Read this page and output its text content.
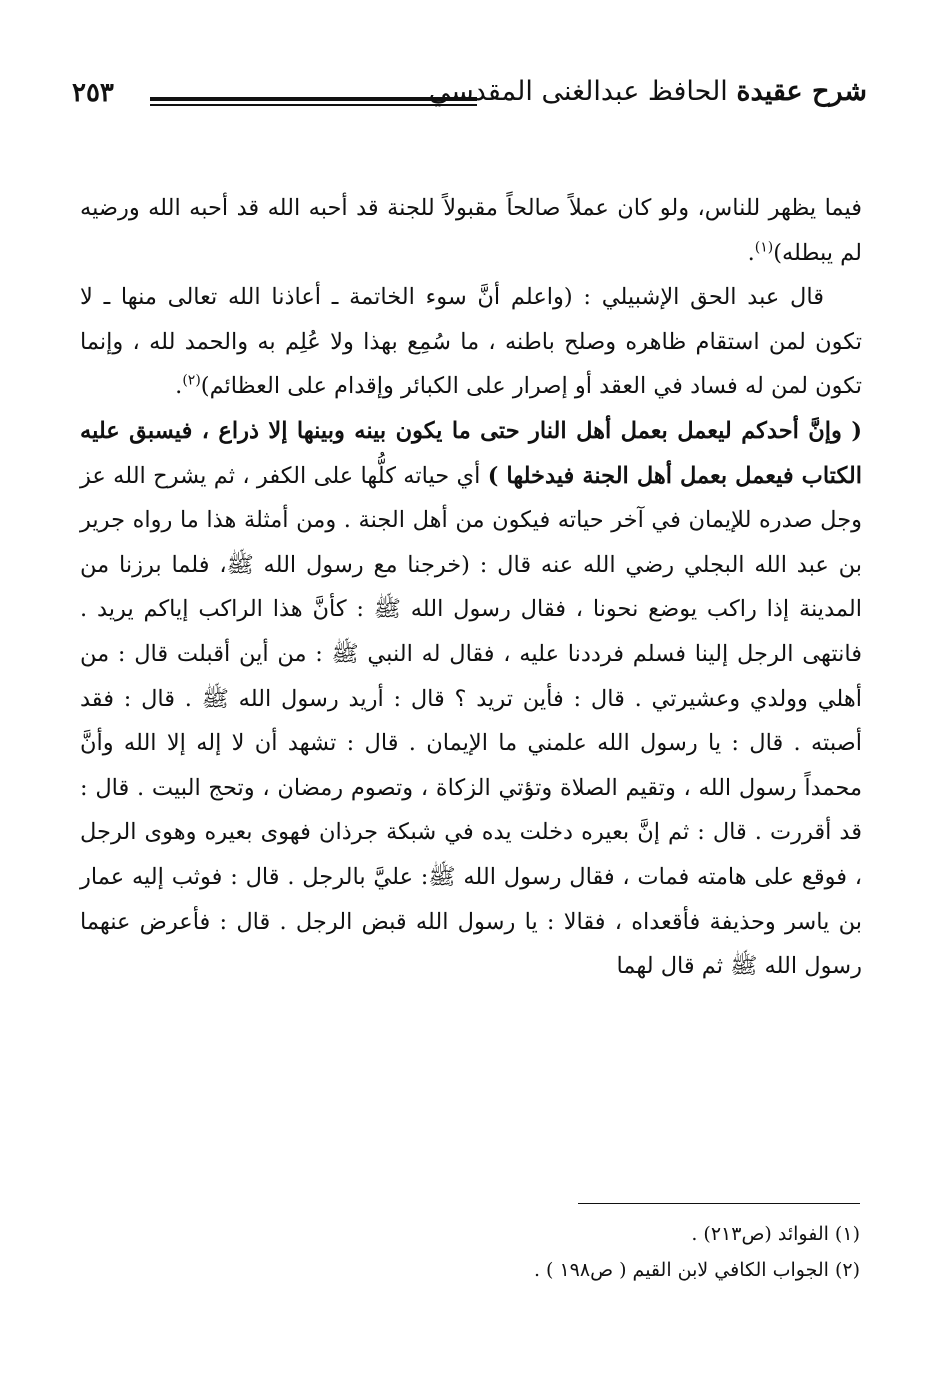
شرح عقيدة الحافظ عبدالغنى المقدسي
٢٥٣

فيما يظهر للناس، ولو كان عملاً صالحاً مقبولاً للجنة قد أحبه الله قد أحبه الله ورضيه لم يبطله)$^{(١)}$.

قال عبد الحق الإشبيلي : (واعلم أنَّ سوء الخاتمة ـ أعاذنا الله تعالى منها ـ لا تكون لمن استقام ظاهره وصلح باطنه ، ما سُمِع بهذا ولا عُلِم به والحمد لله ، وإنما تكون لمن له فساد في العقد أو إصرار على الكبائر وإقدام على العظائم)$^{(٢)}$.

( وإنَّ أحدكم ليعمل بعمل أهل النار حتى ما يكون بينه وبينها إلا ذراع ، فيسبق عليه الكتاب فيعمل بعمل أهل الجنة فيدخلها ) أي حياته كلُّها على الكفر ، ثم يشرح الله عز وجل صدره للإيمان في آخر حياته فيكون من أهل الجنة . ومن أمثلة هذا ما رواه جرير بن عبد الله البجلي رضي الله عنه قال : (خرجنا مع رسول الله ﷺ، فلما برزنا من المدينة إذا راكب يوضع نحونا ، فقال رسول الله ﷺ : كأنَّ هذا الراكب إياكم يريد . فانتهى الرجل إلينا فسلم فرددنا عليه ، فقال له النبي ﷺ : من أين أقبلت قال : من أهلي وولدي وعشيرتي . قال : فأين تريد ؟ قال : أريد رسول الله ﷺ . قال : فقد أصبته . قال : يا رسول الله علمني ما الإيمان . قال : تشهد أن لا إله إلا الله وأنَّ محمداً رسول الله ، وتقيم الصلاة وتؤتي الزكاة ، وتصوم رمضان ، وتحج البيت . قال : قد أقررت . قال : ثم إنَّ بعيره دخلت يده في شبكة جرذان فهوى بعيره وهوى الرجل ، فوقع على هامته فمات ، فقال رسول الله ﷺ: عليَّ بالرجل . قال : فوثب إليه عمار بن ياسر وحذيفة فأقعداه ، فقالا : يا رسول الله قبض الرجل . قال : فأعرض عنهما رسول الله ﷺ ثم قال لهما

(١) الفوائد (ص٢١٣) .

(٢) الجواب الكافي لابن القيم ( ص١٩٨ ) .
